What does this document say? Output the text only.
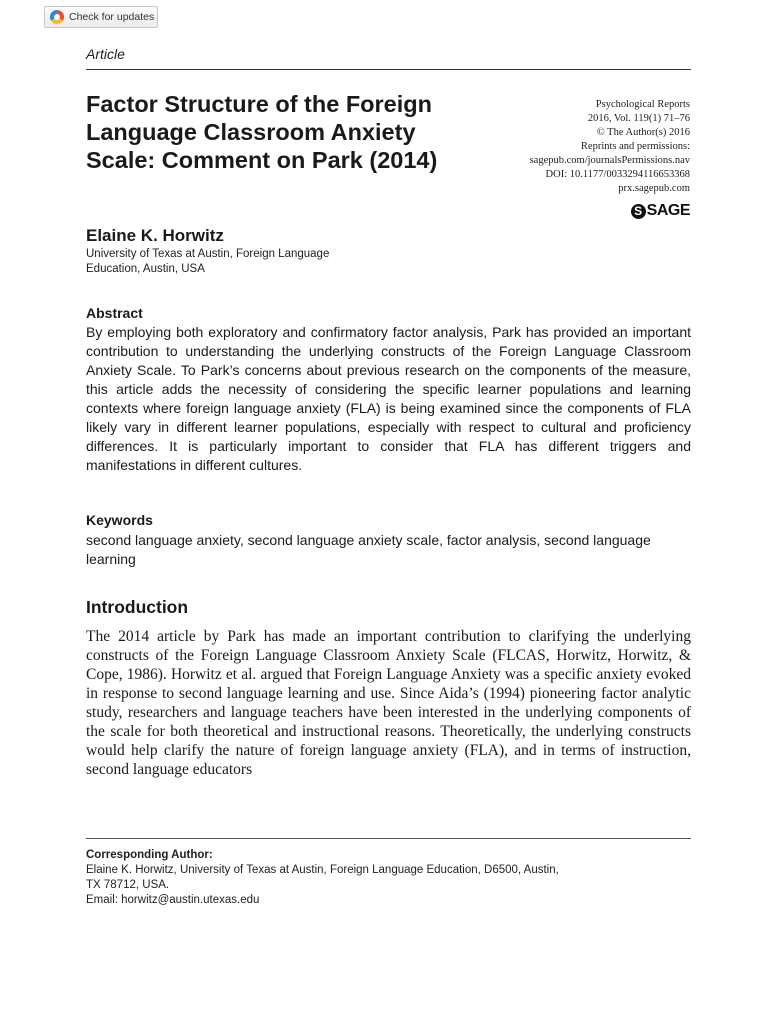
Check for updates
Article
Factor Structure of the Foreign Language Classroom Anxiety Scale: Comment on Park (2014)
Psychological Reports
2016, Vol. 119(1) 71–76
© The Author(s) 2016
Reprints and permissions:
sagepub.com/journalsPermissions.nav
DOI: 10.1177/0033294116653368
prx.sagepub.com
S SAGE
Elaine K. Horwitz
University of Texas at Austin, Foreign Language Education, Austin, USA
Abstract

By employing both exploratory and confirmatory factor analysis, Park has provided an important contribution to understanding the underlying constructs of the Foreign Language Classroom Anxiety Scale. To Park’s concerns about previous research on the components of the measure, this article adds the necessity of considering the specific learner populations and learning contexts where foreign language anxiety (FLA) is being examined since the components of FLA likely vary in different learner populations, especially with respect to cultural and proficiency differences. It is particularly important to consider that FLA has different triggers and manifestations in different cultures.

Keywords

second language anxiety, second language anxiety scale, factor analysis, second language learning

Introduction

The 2014 article by Park has made an important contribution to clarifying the underlying constructs of the Foreign Language Classroom Anxiety Scale (FLCAS, Horwitz, Horwitz, & Cope, 1986). Horwitz et al. argued that Foreign Language Anxiety was a specific anxiety evoked in response to second language learning and use. Since Aida’s (1994) pioneering factor analytic study, researchers and language teachers have been interested in the underlying components of the scale for both theoretical and instructional reasons. Theoretically, the underlying constructs would help clarify the nature of foreign language anxiety (FLA), and in terms of instruction, second language educators

Corresponding Author:
Elaine K. Horwitz, University of Texas at Austin, Foreign Language Education, D6500, Austin,
TX 78712, USA.
Email: horwitz@austin.utexas.edu
